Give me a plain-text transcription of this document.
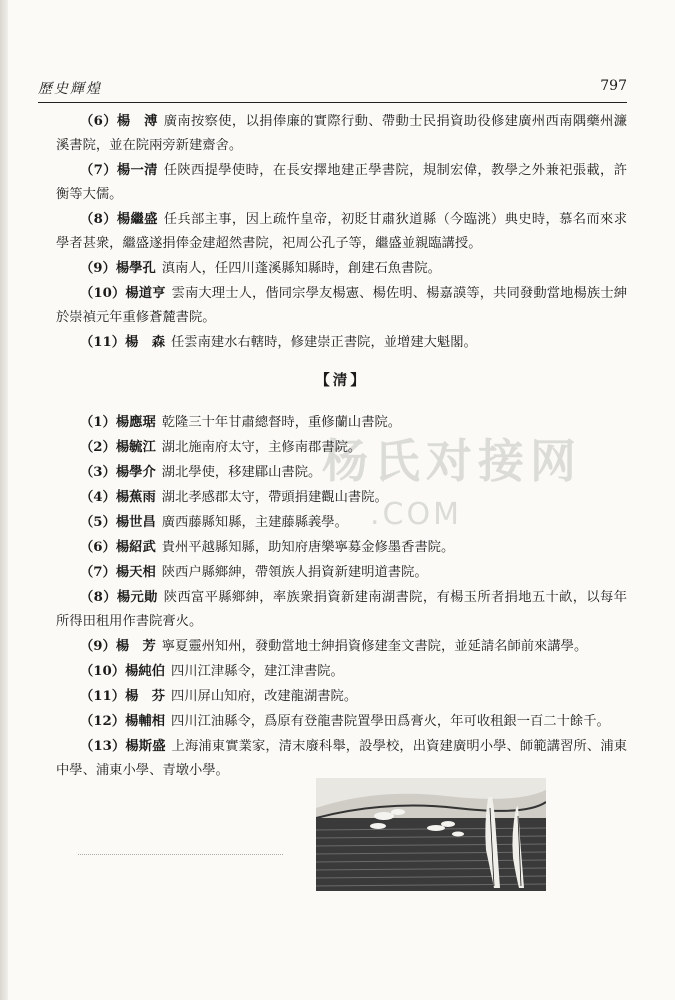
歷史輝煌	797
杨氏对接网
.COM

（6）楊　溥 廣南按察使，以捐俸廉的實際行動、帶動士民捐資助役修建廣州西南隅藥州濂溪書院，並在院兩旁新建齋舍。

（7）楊一清 任陝西提學使時，在長安擇地建正學書院，規制宏偉，教學之外兼祀張載，許衡等大儒。

（8）楊繼盛 任兵部主事，因上疏忤皇帝，初貶甘肅狄道縣（今臨洮）典史時，慕名而來求學者甚衆，繼盛遂捐俸金建超然書院，祀周公孔子等，繼盛並親臨講授。

（9）楊學孔 滇南人，任四川蓬溪縣知縣時，創建石魚書院。

（10）楊道亨 雲南大理士人，偕同宗學友楊憲、楊佐明、楊嘉謨等，共同發動當地楊族士紳於崇禎元年重修蒼麓書院。

（11）楊　森 任雲南建水右轄時，修建崇正書院，並增建大魁閣。

【清】

（1）楊應琚 乾隆三十年甘肅總督時，重修蘭山書院。

（2）楊毓江 湖北施南府太守，主修南郡書院。

（3）楊學介 湖北學使，移建郿山書院。

（4）楊蕉雨 湖北孝感郡太守，帶頭捐建觀山書院。

（5）楊世昌 廣西藤縣知縣，主建藤縣義學。

（6）楊紹武 貴州平越縣知縣，助知府唐樂寧募金修墨香書院。

（7）楊天相 陝西户縣鄉紳，帶領族人捐資新建明道書院。

（8）楊元勛 陝西富平縣鄉紳，率族衆捐資新建南湖書院，有楊玉所者捐地五十畝，以每年所得田租用作書院膏火。

（9）楊　芳 寧夏靈州知州，發動當地士紳捐資修建奎文書院，並延請名師前來講學。

（10）楊純伯 四川江津縣令，建江津書院。

（11）楊　芬 四川屏山知府，改建龍湖書院。

（12）楊輔相 四川江油縣令，爲原有登龍書院置學田爲膏火，年可收租銀一百二十餘千。

（13）楊斯盛 上海浦東實業家，清末廢科舉，設學校，出資建廣明小學、師範講習所、浦東中學、浦東小學、青墩小學。
